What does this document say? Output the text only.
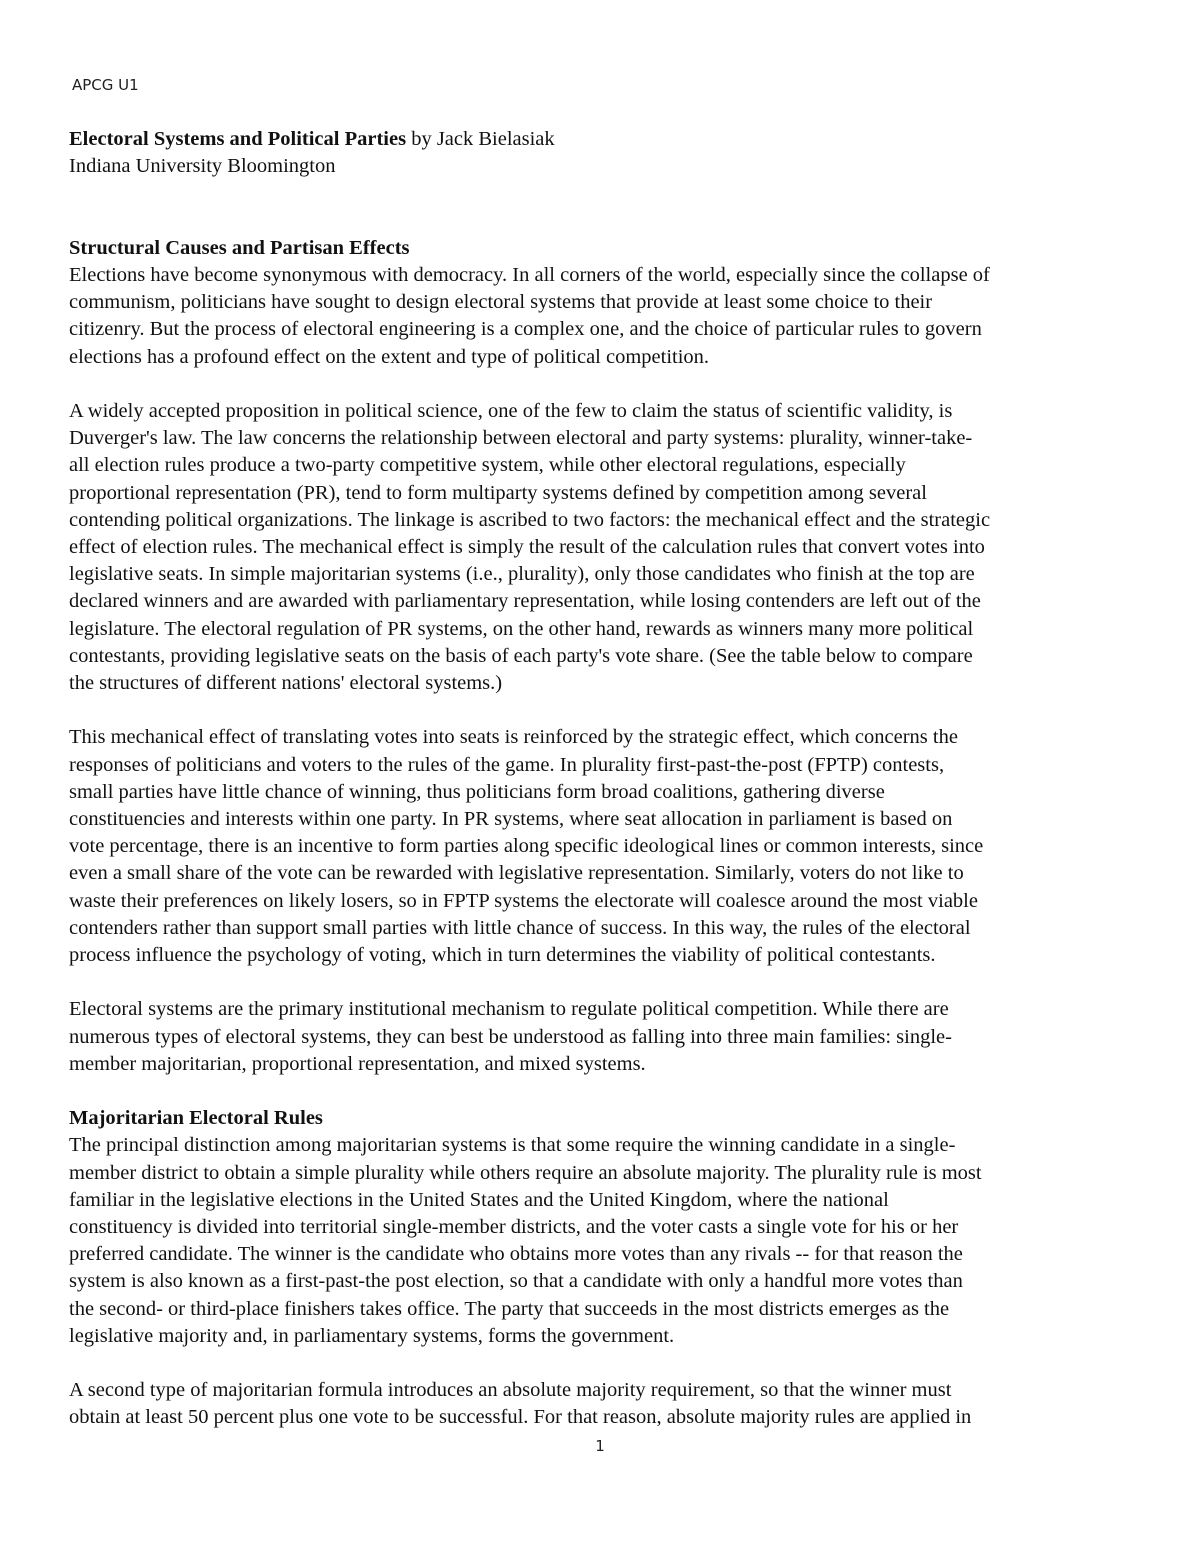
APCG U1

Electoral Systems and Political Parties by Jack Bielasiak

Indiana University Bloomington

Structural Causes and Partisan Effects

Elections have become synonymous with democracy. In all corners of the world, especially since the collapse of
communism, politicians have sought to design electoral systems that provide at least some choice to their
citizenry. But the process of electoral engineering is a complex one, and the choice of particular rules to govern
elections has a profound effect on the extent and type of political competition.

A widely accepted proposition in political science, one of the few to claim the status of scientific validity, is
Duverger's law. The law concerns the relationship between electoral and party systems: plurality, winner-take-
all election rules produce a two-party competitive system, while other electoral regulations, especially
proportional representation (PR), tend to form multiparty systems defined by competition among several
contending political organizations. The linkage is ascribed to two factors: the mechanical effect and the strategic
effect of election rules. The mechanical effect is simply the result of the calculation rules that convert votes into
legislative seats. In simple majoritarian systems (i.e., plurality), only those candidates who finish at the top are
declared winners and are awarded with parliamentary representation, while losing contenders are left out of the
legislature. The electoral regulation of PR systems, on the other hand, rewards as winners many more political
contestants, providing legislative seats on the basis of each party's vote share. (See the table below to compare
the structures of different nations' electoral systems.)

This mechanical effect of translating votes into seats is reinforced by the strategic effect, which concerns the
responses of politicians and voters to the rules of the game. In plurality first-past-the-post (FPTP) contests,
small parties have little chance of winning, thus politicians form broad coalitions, gathering diverse
constituencies and interests within one party. In PR systems, where seat allocation in parliament is based on
vote percentage, there is an incentive to form parties along specific ideological lines or common interests, since
even a small share of the vote can be rewarded with legislative representation. Similarly, voters do not like to
waste their preferences on likely losers, so in FPTP systems the electorate will coalesce around the most viable
contenders rather than support small parties with little chance of success. In this way, the rules of the electoral
process influence the psychology of voting, which in turn determines the viability of political contestants.

Electoral systems are the primary institutional mechanism to regulate political competition. While there are
numerous types of electoral systems, they can best be understood as falling into three main families: single-
member majoritarian, proportional representation, and mixed systems.

Majoritarian Electoral Rules

The principal distinction among majoritarian systems is that some require the winning candidate in a single-
member district to obtain a simple plurality while others require an absolute majority. The plurality rule is most
familiar in the legislative elections in the United States and the United Kingdom, where the national
constituency is divided into territorial single-member districts, and the voter casts a single vote for his or her
preferred candidate. The winner is the candidate who obtains more votes than any rivals -- for that reason the
system is also known as a first-past-the post election, so that a candidate with only a handful more votes than
the second- or third-place finishers takes office. The party that succeeds in the most districts emerges as the
legislative majority and, in parliamentary systems, forms the government.

A second type of majoritarian formula introduces an absolute majority requirement, so that the winner must
obtain at least 50 percent plus one vote to be successful. For that reason, absolute majority rules are applied in

1
